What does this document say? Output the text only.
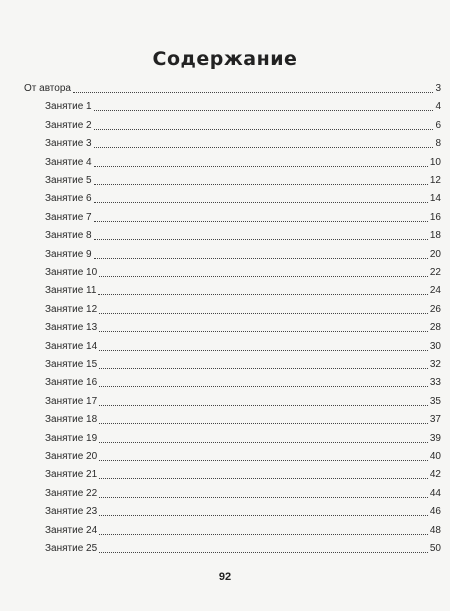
Содержание
От автора	3
Занятие 1	4
Занятие 2	6
Занятие 3	8
Занятие 4	10
Занятие 5	12
Занятие 6	14
Занятие 7	16
Занятие 8	18
Занятие 9	20
Занятие 10	22
Занятие 11	24
Занятие 12	26
Занятие 13	28
Занятие 14	30
Занятие 15	32
Занятие 16	33
Занятие 17	35
Занятие 18	37
Занятие 19	39
Занятие 20	40
Занятие 21	42
Занятие 22	44
Занятие 23	46
Занятие 24	48
Занятие 25	50
92
